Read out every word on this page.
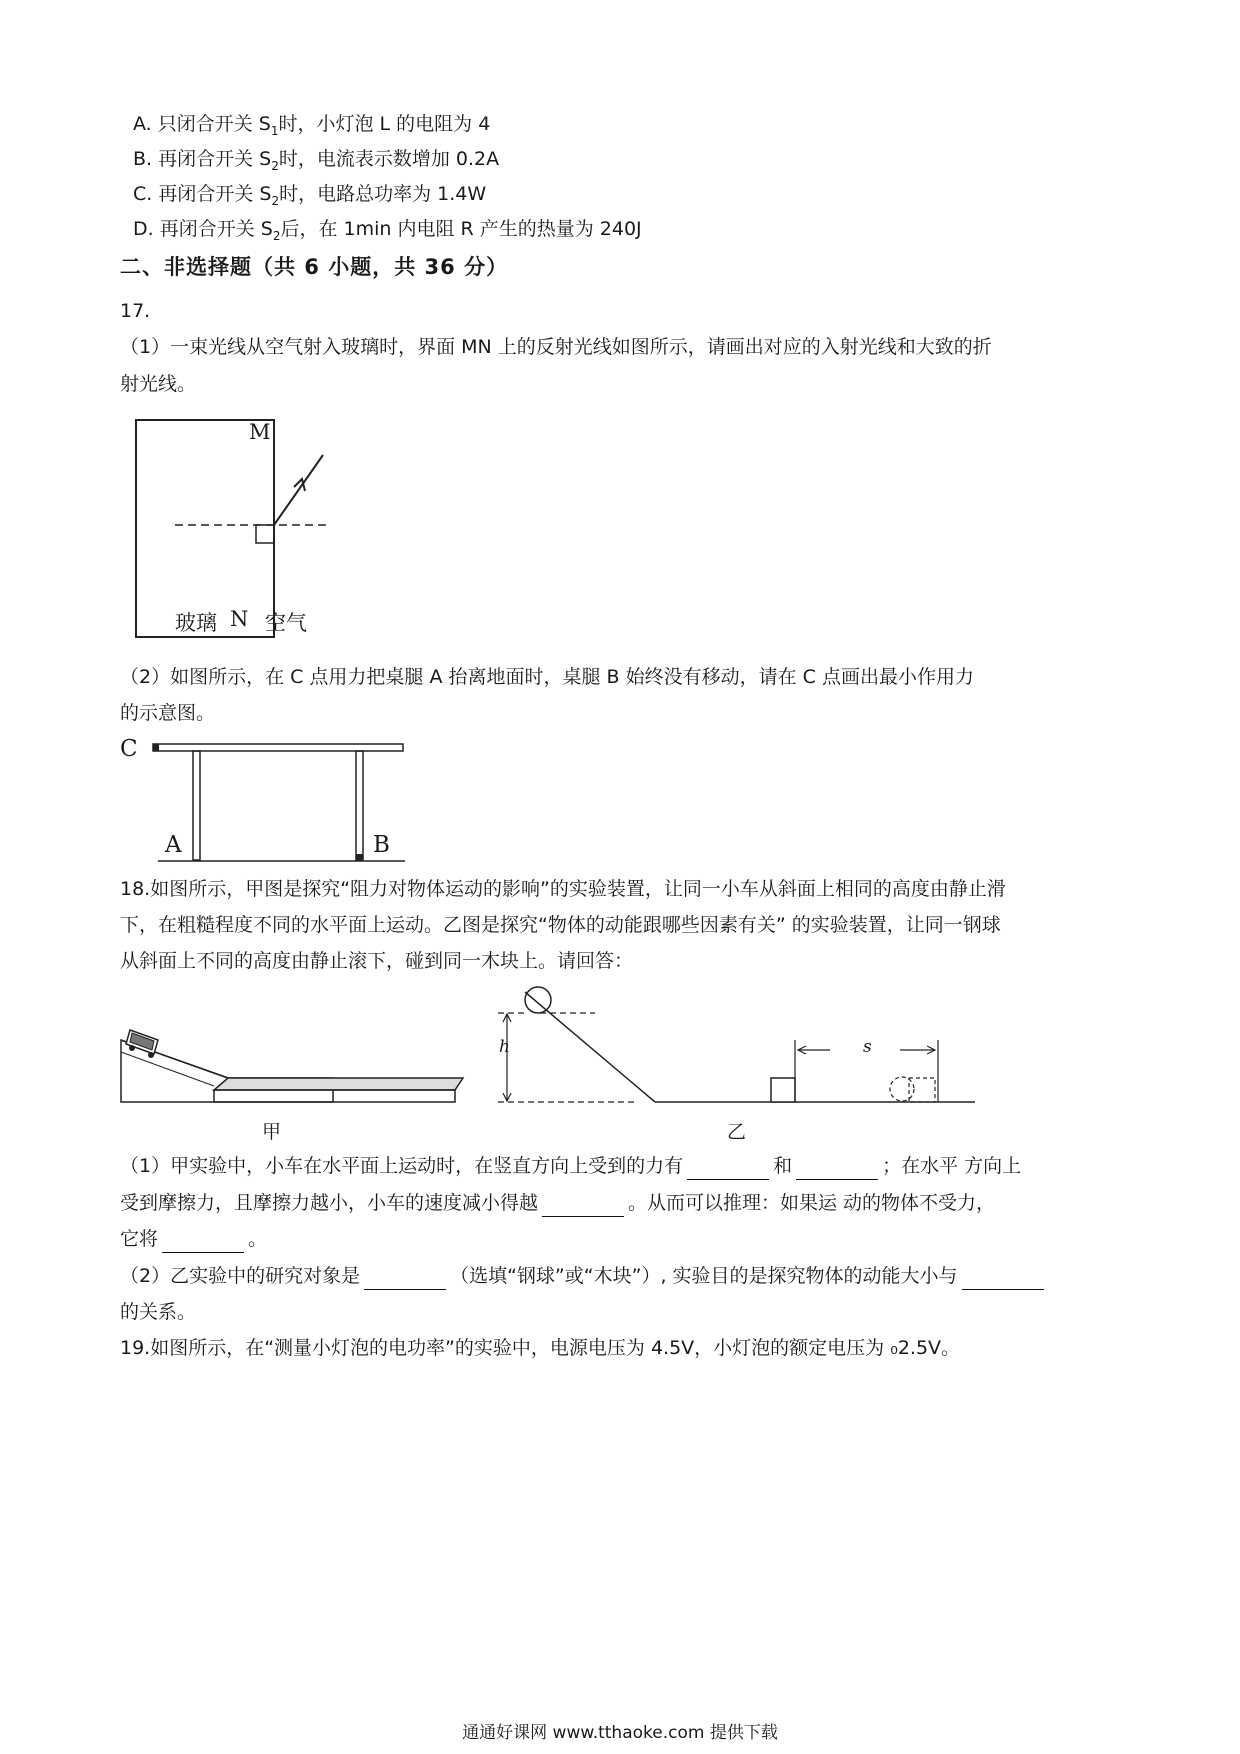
A. 只闭合开关 $S_1$时，小灯泡 L 的电阻为 4
B. 再闭合开关 $S_2$时，电流表示数增加 0.2A
C. 再闭合开关 $S_2$时，电路总功率为 1.4W
D. 再闭合开关 $S_2$后，在 1min 内电阻 R 产生的热量为 240J
二、非选择题（共 6 小题，共 36 分）
17.
（1）一束光线从空气射入玻璃时，界面 MN 上的反射光线如图所示，请画出对应的入射光线和大致的折
射光线。
M
N
玻璃 空气
（2）如图所示，在 C 点用力把桌腿 A 抬离地面时，桌腿 B 始终没有移动，请在 C 点画出最小作用力
的示意图。
C
A	B
18.如图所示，甲图是探究“阻力对物体运动的影响”的实验装置，让同一小车从斜面上相同的高度由静止滑
下，在粗糙程度不同的水平面上运动。乙图是探究“物体的动能跟哪些因素有关” 的实验装置，让同一钢球
从斜面上不同的高度由静止滚下，碰到同一木块上。请回答：
甲
h	s
乙
（1）甲实验中，小车在水平面上运动时，在竖直方向上受到的力有	和	；在水平 方向上
受到摩擦力，且摩擦力越小，小车的速度减小得越	。从而可以推理：如果运 动的物体不受力，
它将	。
（2）乙实验中的研究对象是	（选填“钢球”或“木块”）, 实验目的是探究物体的动能大小与
的关系。
19.如图所示，在“测量小灯泡的电功率”的实验中，电源电压为 4.5V，小灯泡的额定电压为 ₀2.5V。
通通好课网 www.tthaoke.com 提供下载
